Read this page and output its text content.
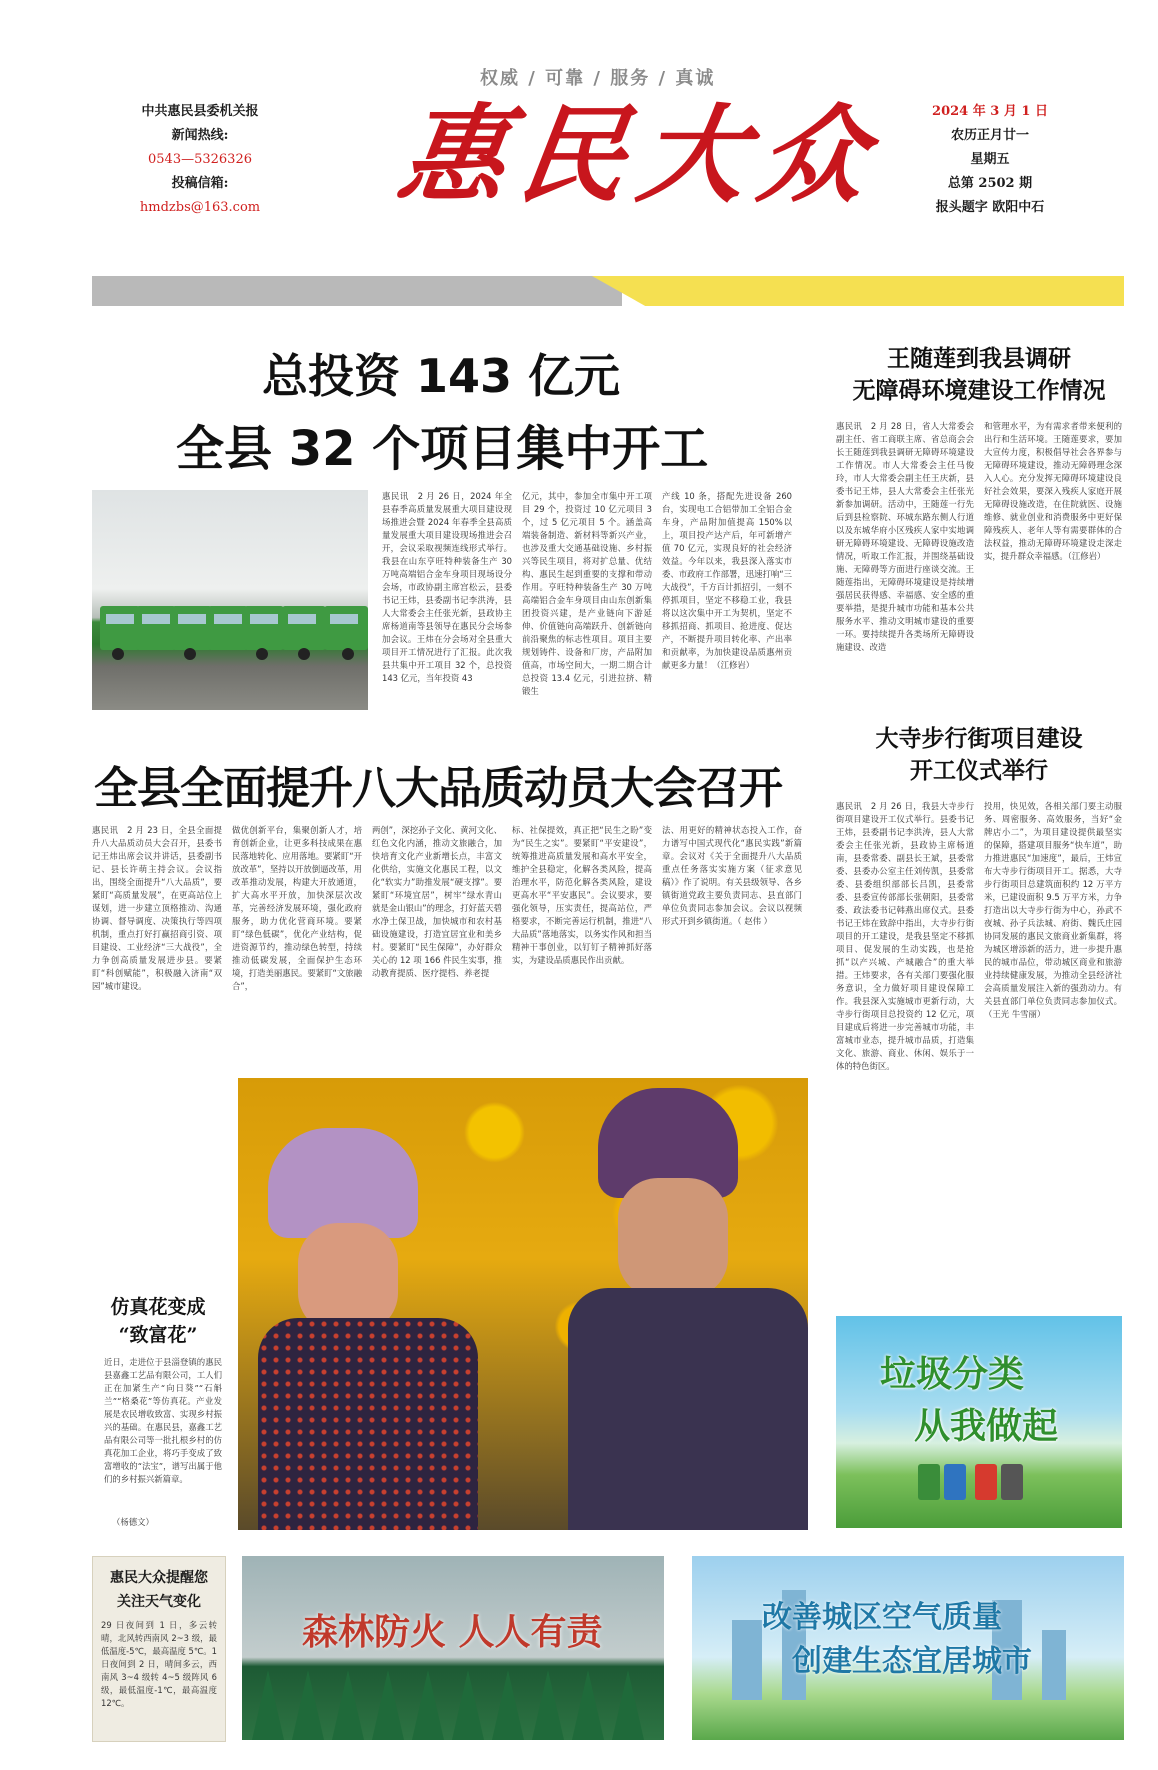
中共惠民县委机关报
新闻热线:
0543—5326326
投稿信箱:
hmdzbs@163.com
权威 / 可靠 / 服务 / 真诚
惠民大众	2024 年 3 月 1 日
农历正月廿一
星期五
总第 2502 期
报头题字 欧阳中石
总投资 143 亿元
全县 32 个项目集中开工
惠民讯　2 月 26 日，2024 年全县春季高质量发展重大项目建设现场推进会暨 2024 年春季全县高质量发展重大项目建设现场推进会召开，会议采取视频连线形式举行。我县在山东亨旺特种装备生产 30 万吨高端铝合金车身项目现场设分会场，市政协副主席宫松云，县委书记王炜，县委副书记李洪涛，县人大常委会主任张光新，县政协主席杨道南等县领导在惠民分会场参加会议。王炜在分会场对全县重大项目开工情况进行了汇报。此次我县共集中开工项目 32 个，总投资 143 亿元，当年投资 43
亿元，其中，参加全市集中开工项目 29 个，投资过 10 亿元项目 3 个，过 5 亿元项目 5 个。涵盖高端装备制造、新材料等新兴产业，也涉及重大交通基础设施、乡村振兴等民生项目，将对扩总量、优结构、惠民生起到重要的支撑和带动作用。亨旺特种装备生产 30 万吨高端铝合金车身项目由山东创新集团投资兴建，是产业链向下游延伸、价值链向高端跃升、创新链向前沿聚焦的标志性项目。项目主要规划铸件、设备和厂房，产品附加值高，市场空间大，一期二期合计总投资 13.4 亿元，引进拉挤、精锻生
产线 10 条，搭配先进设备 260 台，实现电工合铝带加工全铝合金车身，产品附加值提高 150%以上，项目投产达产后，年可新增产值 70 亿元，实现良好的社会经济效益。今年以来，我县深入落实市委、市政府工作部署，迅速打响“三大战役”，千方百计抓招引，一刻不停抓项目，坚定不移稳工业，我县将以这次集中开工为契机，坚定不移抓招商、抓项目、抢进度、促达产，不断提升项目转化率、产出率和贡献率，为加快建设品质惠州贡献更多力量！（江修岩）
王随莲到我县调研
无障碍环境建设工作情况
惠民讯　2 月 28 日，省人大常委会副主任、省工商联主席、省总商会会长王随莲到我县调研无障碍环境建设工作情况。市人大常委会主任马俊玲，市人大常委会副主任王庆新，县委书记王炜，县人大常委会主任张光新参加调研。活动中，王随莲一行先后到县检察院、环城东路东侧人行道以及东城华府小区残疾人家中实地调研无障碍环境建设、无障碍设施改造情况，听取工作汇报，并围绕基础设施、无障碍等方面进行座谈交流。王随莲指出，无障碍环境建设是持续增强居民获得感、幸福感、安全感的重要举措，是提升城市功能和基本公共服务水平、推动文明城市建设的重要一环。要持续提升各类场所无障碍设施建设、改造
和管理水平，为有需求者带来便利的出行和生活环境。王随莲要求，要加大宣传力度，积极倡导社会各界参与无障碍环境建设，推动无障碍理念深入人心。充分发挥无障碍环境建设良好社会效果，要深入残疾人家庭开展无障碍设施改造，在住院就医、设施维修、就业创业和消费服务中更好保障残疾人、老年人等有需要群体的合法权益，推动无障碍环境建设走深走实，提升群众幸福感。（江修岩）
全县全面提升八大品质动员大会召开
惠民讯　2 月 23 日，全县全面提升八大品质动员大会召开，县委书记王炜出席会议并讲话，县委副书记、县长许萌主持会议。会议指出，围绕全面提升“八大品质”，要紧盯“高质量发展”，在更高站位上谋划，进一步建立顶格推动、沟通协调、督导调度、决策执行等四项机制，重点打好打赢招商引资、项目建设、工业经济“三大战役”，全力争创高质量发展进步县。要紧盯“科创赋能”，积极融入济南“双园”城市建设。
做优创新平台，集聚创新人才，培育创新企业，让更多科技成果在惠民落地转化、应用落地。要紧盯“开放改革”，坚持以开放倒逼改革，用改革推动发展，构建大开放通道，扩大高水平开放，加快深层次改革，完善经济发展环境，强化政府服务，助力优化营商环境。要紧盯“绿色低碳”，优化产业结构，促进资源节约，推动绿色转型，持续推动低碳发展，全面保护生态环境，打造美丽惠民。要紧盯“文旅融合”，
两创”，深挖孙子文化、黄河文化、红色文化内涵，推动文旅融合，加快培育文化产业新增长点，丰富文化供给，实施文化惠民工程，以文化“软实力”助推发展“硬支撑”。要紧盯“环境宜居”，树牢“绿水青山就是金山银山”的理念，打好蓝天碧水净土保卫战，加快城市和农村基础设施建设，打造宜居宜业和美乡村。要紧盯“民生保障”，办好群众关心的 12 项 166 件民生实事，推动教育提质、医疗提档、养老提
标、社保提效，真正把“民生之盼”变为“民生之实”。要紧盯“平安建设”，统筹推进高质量发展和高水平安全，维护全县稳定，化解各类风险，提高治理水平，防范化解各类风险，建设更高水平“平安惠民”。会议要求，要强化领导，压实责任，提高站位，严格要求，不断完善运行机制，推进“八大品质”落地落实，以务实作风和担当精神干事创业，以钉钉子精神抓好落实，为建设品质惠民作出贡献。
法、用更好的精神状态投入工作，奋力谱写中国式现代化“惠民实践”新篇章。会议对《关于全面提升八大品质重点任务落实实施方案（征求意见稿）》作了说明。有关县级领导、各乡镇街道党政主要负责同志、县直部门单位负责同志参加会议。会议以视频形式开到乡镇街道。（ 赵伟 ）
大寺步行街项目建设
开工仪式举行
惠民讯　2 月 26 日，我县大寺步行街项目建设开工仪式举行。县委书记王炜，县委副书记李洪涛，县人大常委会主任张光新，县政协主席杨道南，县委常委、副县长王斌，县委常委、县委办公室主任刘传凯，县委常委、县委组织部部长吕凯，县委常委、县委宣传部部长张朝阳，县委常委、政法委书记韩燕出席仪式。县委书记王炜在致辞中指出，大寺步行街项目的开工建设，是我县坚定不移抓项目、促发展的生动实践，也是抢抓“以产兴城、产城融合”的重大举措。王炜要求，各有关部门要强化服务意识，全力做好项目建设保障工作。我县深入实施城市更新行动，大寺步行街项目总投资约 12 亿元，项目建成后将进一步完善城市功能，丰富城市业态，提升城市品质，打造集文化、旅游、商业、休闲、娱乐于一体的特色街区。
投用，快见效，各相关部门要主动服务、周密服务、高效服务，当好“金牌店小二”，为项目建设提供最坚实的保障，搭建项目服务“快车道”，助力推进惠民“加速度”，最后，王炜宣布大寺步行街项目开工。据悉，大寺步行街项目总建筑面积约 12 万平方米，已建设面积 9.5 万平方米，力争打造出以大寺步行街为中心，孙武不夜城、孙子兵法城、府街、魏氏庄园协同发展的惠民文旅商业新集群，将为城区增添新的活力，进一步提升惠民的城市品位，带动城区商业和旅游业持续健康发展，为推动全县经济社会高质量发展注入新的强劲动力。有关县直部门单位负责同志参加仪式。（王光 牛雪丽）
仿真花变成
“致富花”
近日，走进位于县淄登镇的惠民县嘉鑫工艺品有限公司，工人们正在加紧生产“向日葵”“石斛兰”“格桑花”等仿真花。产业发展是农民增收致富、实现乡村振兴的基础。在惠民县，嘉鑫工艺品有限公司等一批扎根乡村的仿真花加工企业，将巧手变成了致富增收的“法宝”，谱写出属于他们的乡村振兴新篇章。
（杨德文）
垃圾分类
从我做起

惠民大众提醒您
关注天气变化
29 日夜间到 1 日，多云转晴，北风转西南风 2~3 级，最低温度-5℃，最高温度 5℃。1 日夜间到 2 日，晴间多云，西南风 3~4 级转 4~5 级阵风 6 级，最低温度-1℃，最高温度 12℃。
森林防火 人人有责	改善城区空气质量
创建生态宜居城市
